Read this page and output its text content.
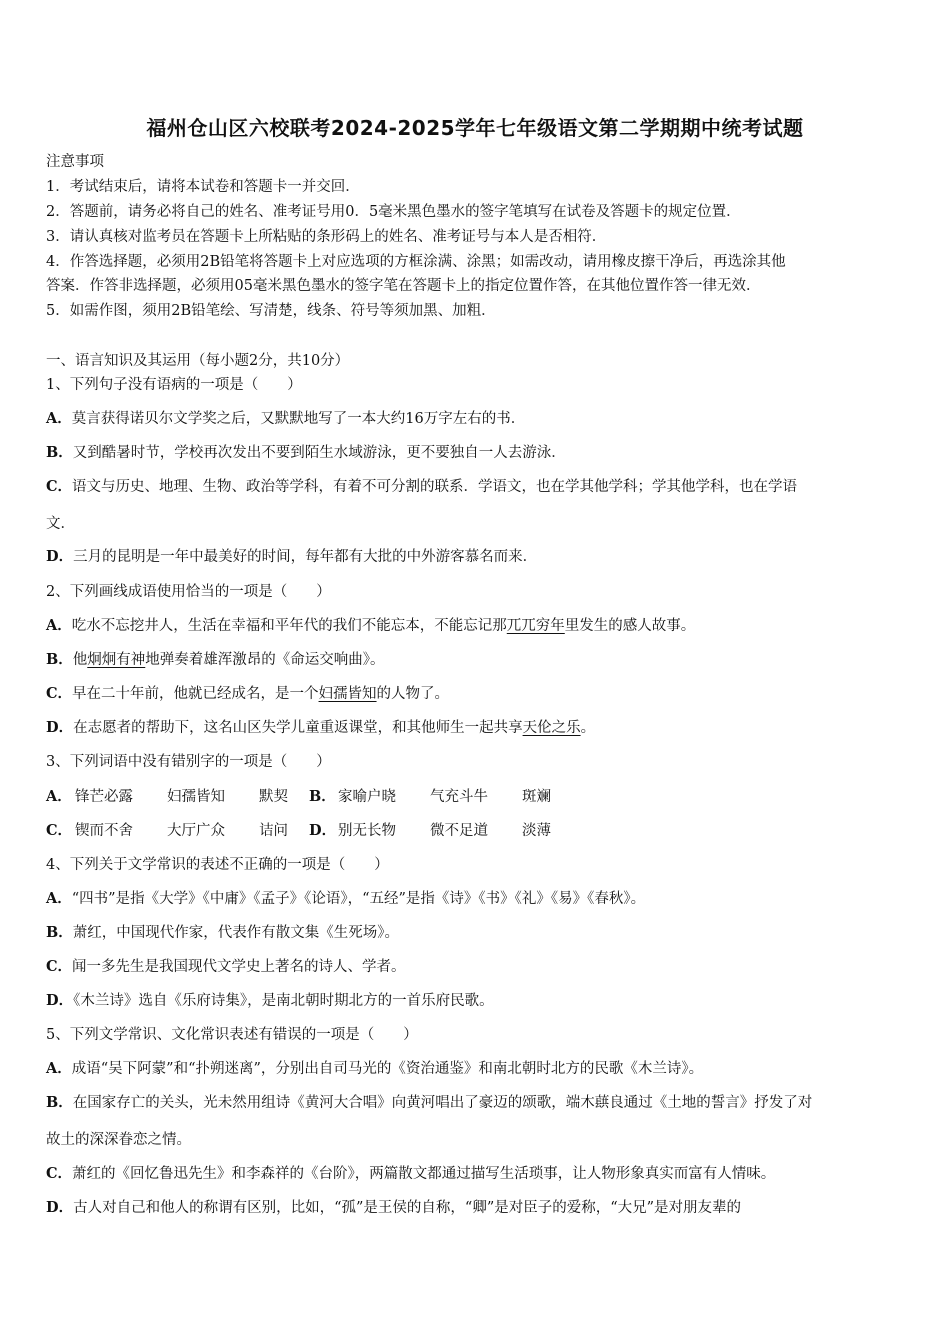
福州仓山区六校联考2024-2025学年七年级语文第二学期期中统考试题
注意事项
1．考试结束后，请将本试卷和答题卡一并交回．
2．答题前，请务必将自己的姓名、准考证号用0．5毫米黑色墨水的签字笔填写在试卷及答题卡的规定位置．
3．请认真核对监考员在答题卡上所粘贴的条形码上的姓名、准考证号与本人是否相符．
4．作答选择题，必须用2B铅笔将答题卡上对应选项的方框涂满、涂黑；如需改动，请用橡皮擦干净后，再选涂其他
答案．作答非选择题，必须用05毫米黑色墨水的签字笔在答题卡上的指定位置作答，在其他位置作答一律无效．
5．如需作图，须用2B铅笔绘、写清楚，线条、符号等须加黑、加粗．
一、语言知识及其运用（每小题2分，共10分）
1、下列句子没有语病的一项是（　　）
A．莫言获得诺贝尔文学奖之后，又默默地写了一本大约16万字左右的书．
B．又到酷暑时节，学校再次发出不要到陌生水域游泳，更不要独自一人去游泳．
C．语文与历史、地理、生物、政治等学科，有着不可分割的联系．学语文，也在学其他学科；学其他学科，也在学语
文．
D．三月的昆明是一年中最美好的时间，每年都有大批的中外游客慕名而来．
2、下列画线成语使用恰当的一项是（　　）
A．吃水不忘挖井人，生活在幸福和平年代的我们不能忘本，不能忘记那兀兀穷年里发生的感人故事。
B．他炯炯有神地弹奏着雄浑激昂的《命运交响曲》。
C．早在二十年前，他就已经成名，是一个妇孺皆知的人物了。
D．在志愿者的帮助下，这名山区失学儿童重返课堂，和其他师生一起共享天伦之乐。
3、下列词语中没有错别字的一项是（　　）
A． 锋芒必露 妇孺皆知 默契 B． 家喻户晓 气充斗牛 斑斓
C． 锲而不舍 大厅广众 诘问 D． 别无长物 微不足道 淡薄
4、下列关于文学常识的表述不正确的一项是（　　）
A．“四书”是指《大学》《中庸》《孟子》《论语》，“五经”是指《诗》《书》《礼》《易》《春秋》。
B．萧红，中国现代作家，代表作有散文集《生死场》。
C．闻一多先生是我国现代文学史上著名的诗人、学者。
D．《木兰诗》选自《乐府诗集》，是南北朝时期北方的一首乐府民歌。
5、下列文学常识、文化常识表述有错误的一项是（　　）
A．成语“吴下阿蒙”和“扑朔迷离”，分别出自司马光的《资治通鉴》和南北朝时北方的民歌《木兰诗》。
B．在国家存亡的关头，光未然用组诗《黄河大合唱》向黄河唱出了豪迈的颂歌，端木蕻良通过《土地的誓言》抒发了对
故土的深深眷恋之情。
C．萧红的《回忆鲁迅先生》和李森祥的《台阶》，两篇散文都通过描写生活琐事，让人物形象真实而富有人情味。
D．古人对自己和他人的称谓有区别，比如，“孤”是王侯的自称，“卿”是对臣子的爱称，“大兄”是对朋友辈的
